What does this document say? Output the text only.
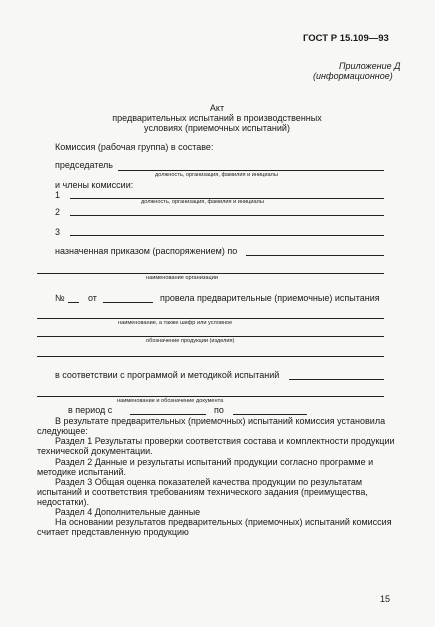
ГОСТ Р 15.109—93
Приложение Д
(информационное)
Акт
предварительных испытаний в производственных
условиях (приемочных испытаний)
Комиссия (рабочая группа) в составе:
председатель
должность, организация, фамилия и инициалы
и члены комиссии:
1
должность, организация, фамилия и инициалы
2
3
назначенная приказом (распоряжением) по
наименование организации
№	от	провела предварительные (приемочные) испытания
наименование, а также шифр или условное
обозначение продукции (изделия)
в соответствии с программой и методикой испытаний
наименование и обозначение документа
в период с	по
В результате предварительных (приемочных) испытаний комиссия установила
следующее:
Раздел 1 Результаты проверки соответствия состава и комплектности продукции
технической документации.
Раздел 2 Данные и результаты испытаний продукции согласно программе и
методике испытаний.
Раздел 3 Общая оценка показателей качества продукции по результатам
испытаний и соответствия требованиям технического задания (преимущества,
недостатки).
Раздел 4 Дополнительные данные
На основании результатов предварительных (приемочных) испытаний комиссия
считает представленную продукцию
15
